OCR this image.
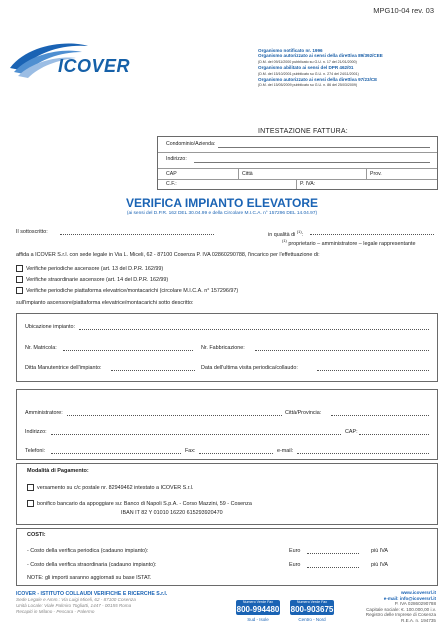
MPG10-04 rev. 03
ICOVER
Organismo notificato nr. 1996
Organismo autorizzato ai sensi della direttiva 89/392/CEE
(D.M. del 09/11/2000 pubblicato su G.U. n. 17 del 21/01/2000)
Organismo abilitato ai sensi del DPR 462/01
(D.M. del 15/10/2001 pubblicato su G.U. n. 274 del 24/11/2001)
Organismo autorizzato ai sensi della direttiva 97/23/CE
(D.M. del 15/05/2009 pubblicato su G.U. n. 86 del 25/03/2009)
INTESTAZIONE FATTURA:
Condominio/Azienda:
Indirizzo:
CAP	Città	Prov.
C.F.:	P. IVA:
VERIFICA IMPIANTO ELEVATORE
(ai sensi del D.P.R. 162 DEL 30.04.99 e della Circolare M.I.C.A. n° 157296 DEL 14.04.97)
Il sottoscritto:	in qualità di $^{(1)}$:
$^{(1)}$ proprietario – amministratore – legale rappresentante
affida a ICOVER S.r.l. con sede legale in Via L. Miceli, 62 - 87100 Cosenza P. IVA 02860290788, l'incarico per l'effettuazione di:
Verifiche periodiche ascensore (art. 13 del D.P.R. 162/99)
Verifiche straordinarie ascensore (art. 14 del D.P.R. 162/99)
Verifiche periodiche piattaforma elevatrice/montacarichi (circolare M.I.C.A. n° 157296/97)
sull'impianto ascensore/piattaforma elevatrice/montacarichi sotto descritto:
Ubicazione impianto:
Nr. Matricola:	Nr. Fabbricazione:
Ditta Manutentrice dell'impianto:	Data dell'ultima visita periodica/collaudo:
Amministratore:	Città/Provincia:
Indirizzo:	CAP:
Telefoni:	Fax:	e-mail:
Modalità di Pagamento:
versamento su c/c postale nr. 82949462 intestato a ICOVER S.r.l.
bonifico bancario da appoggiare su: Banco di Napoli S.p.A. - Corso Mazzini, 59 - Cosenza
IBAN IT 82 Y 01010 16220 615293920470
COSTI:
- Costo della verifica periodica (cadauno impianto):	Euro	più IVA
- Costo della verifica straordinaria (cadauno impianto):	Euro	più IVA
NOTE: gli importi saranno aggiornati su base ISTAT.
ICOVER - ISTITUTO COLLAUDI VERIFICHE E RICERCHE S.r.l.
Sede Legale e Amm.: Via Luigi Miceli, 62 - 87100 Cosenza
Unità Locale: Viale Palmiro Togliatti, 1447 - 00155 Roma
Recapiti in Milano - Pescara - Palermo
Numero Verde Fax
800-994480
Sud - Isole
Numero Verde Fax
800-903675
Centro - Nord
www.icoversrl.it
e-mail: info@icoversrl.it
P. IVA 02860290788
Capitale sociale: €. 100.000,00 i.v.
Registro delle Imprese di Cosenza
R.E.A. n. 194735
